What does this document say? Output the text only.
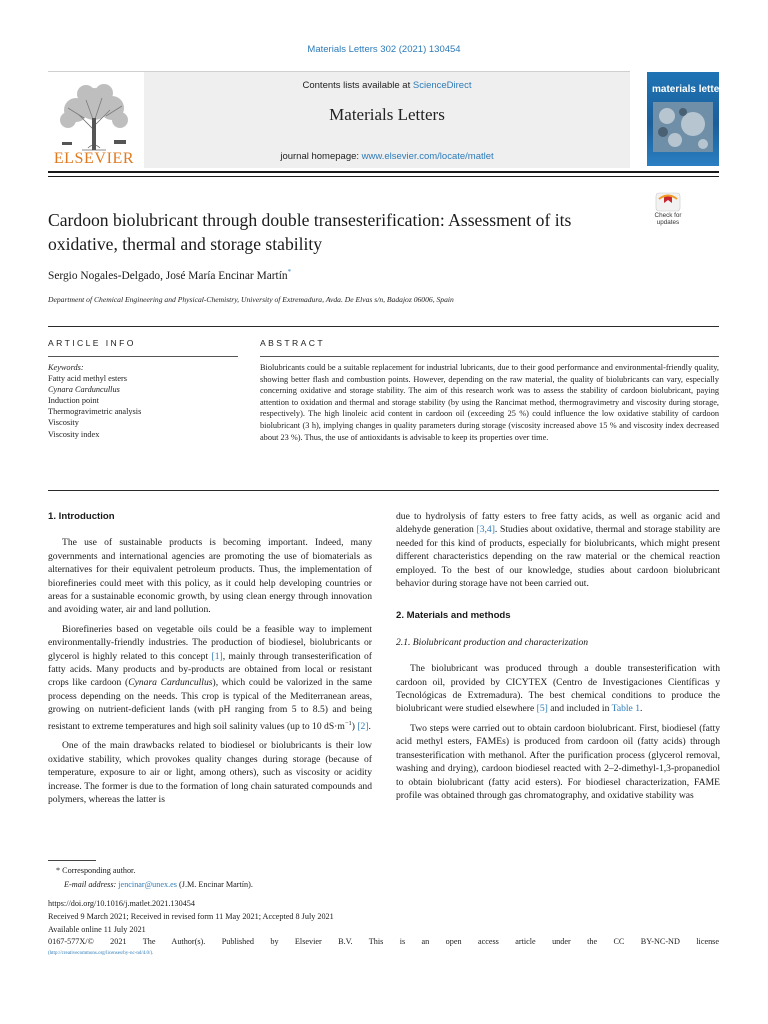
Materials Letters 302 (2021) 130454
ELSEVIER
Contents lists available at ScienceDirect
Materials Letters
journal homepage: www.elsevier.com/locate/matlet
materials letters
Check for
updates
Cardoon biolubricant through double transesterification: Assessment of its oxidative, thermal and storage stability
Sergio Nogales-Delgado, José María Encinar Martín*
Department of Chemical Engineering and Physical-Chemistry, University of Extremadura, Avda. De Elvas s/n, Badajoz 06006, Spain
ARTICLE INFO	ABSTRACT
Keywords:
Fatty acid methyl esters
Cynara Carduncullus
Induction point
Thermogravimetric analysis
Viscosity
Viscosity index
Biolubricants could be a suitable replacement for industrial lubricants, due to their good performance and environmental-friendly quality, showing better flash and combustion points. However, depending on the raw material, the quality of biolubricants can vary, especially concerning oxidative and storage stability. The aim of this research work was to assess the stability of cardoon biolubricant, paying attention to oxidation and thermal and storage stability (by using the Rancimat method, thermogravimetry and viscosity during storage, respectively). The high linoleic acid content in cardoon oil (exceeding 25 %) could influence the low oxidative stability of cardoon biolubricant (3 h), implying changes in quality parameters during storage (viscosity increased above 15 % and viscosity index decreased about 23 %). Thus, the use of antioxidants is advisable to keep its properties over time.
1. Introduction

The use of sustainable products is becoming important. Indeed, many governments and international agencies are promoting the use of biomaterials as alternatives for their equivalent petroleum products. Thus, the implementation of biorefineries could meet with this policy, as it could help developing countries or areas for a sustainable economic growth, by using clean energy through innovation and avoiding water, air and land pollution.

Biorefineries based on vegetable oils could be a feasible way to implement environmentally-friendly industries. The production of biodiesel, biolubricants or glycerol is highly related to this concept [1], mainly through transesterification of fatty acids. Many products and by-products are obtained from local or resistant crops like cardoon (Cynara Carduncullus), which could be valorized in the same process depending on the needs. This crop is typical of the Mediterranean areas, growing on nutrient-deficient lands (with pH ranging from 5 to 8.5) and being resistant to extreme temperatures and high soil salinity values (up to 10 $dS\cdot m^{-1}$) [2].

One of the main drawbacks related to biodiesel or biolubricants is their low oxidative stability, which provokes quality changes during storage (because of temperature, exposure to air or light, among others), such as viscosity or acidity increase. The former is due to the formation of long chain saturated compounds and polymers, whereas the latter is

due to hydrolysis of fatty esters to free fatty acids, as well as organic acid and aldehyde generation [3,4]. Studies about oxidative, thermal and storage stability are needed for this kind of products, especially for biolubricants, which might present different characteristics depending on the raw material or the chemical reaction employed. To the best of our knowledge, studies about cardoon biolubricant behavior during storage have not been carried out.

2. Materials and methods
2.1. Biolubricant production and characterization

The biolubricant was produced through a double transesterification with cardoon oil, provided by CICYTEX (Centro de Investigaciones Científicas y Tecnológicas de Extremadura). The best chemical conditions to produce the biolubricant were studied elsewhere [5] and included in Table 1.

Two steps were carried out to obtain cardoon biolubricant. First, biodiesel (fatty acid methyl esters, FAMEs) is produced from cardoon oil (fatty acids) through transesterification with methanol. After the purification process (glycerol removal, washing and drying), cardoon biodiesel reacted with 2–2-dimethyl-1,3-propanediol to obtain biolubricant (fatty acid esters). For biodiesel characterization, FAME profile was obtained through gas chromatography, and oxidative stability was

* Corresponding author.
E-mail address: jencinar@unex.es (J.M. Encinar Martín).
https://doi.org/10.1016/j.matlet.2021.130454
Received 9 March 2021; Received in revised form 11 May 2021; Accepted 8 July 2021
Available online 11 July 2021
0167-577X/© 2021 The Author(s). Published by Elsevier B.V. This is an open access article under the CC BY-NC-ND license
(http://creativecommons.org/licenses/by-nc-nd/4.0/).
